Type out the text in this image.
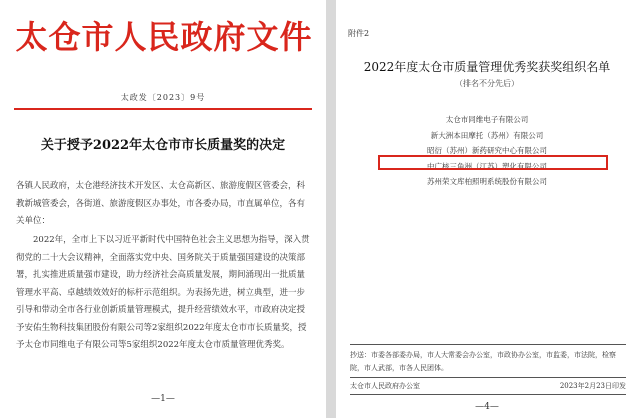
太仓市人民政府文件
太政发〔2023〕9号
关于授予2022年太仓市市长质量奖的决定
各镇人民政府，太仓港经济技术开发区、太仓高新区、旅游度假区管委会，科教新城管委会，各街道、旅游度假区办事处，市各委办局，市直属单位，各有关单位：
2022年，全市上下以习近平新时代中国特色社会主义思想为指导，深入贯彻党的二十大会议精神，全面落实党中央、国务院关于质量强国建设的决策部署，扎实推进质量强市建设，助力经济社会高质量发展，期间涌现出一批质量管理水平高、卓越绩效效好的标杆示范组织。为表扬先进，树立典型，进一步引导和带动全市各行业创新质量管理模式，提升经营绩效水平，市政府决定授予安佑生物科技集团股份有限公司等2家组织2022年度太仓市市长质量奖，授予太仓市同维电子有限公司等5家组织2022年度太仓市质量管理优秀奖。
—1—
附件2
2022年度太仓市质量管理优秀奖获奖组织名单
（排名不分先后）
太仓市同维电子有限公司
新大洲本田摩托（苏州）有限公司
昭衍（苏州）新药研究中心有限公司
中广核三角洲（江苏）塑化有限公司
苏州荣文库柏照明系统股份有限公司
抄送：市委各部委办局，市人大常委会办公室，市政协办公室，市监委，市法院，检察院，市人武部，市各人民团体。
太仓市人民政府办公室	2023年2月23日印发
—4—
